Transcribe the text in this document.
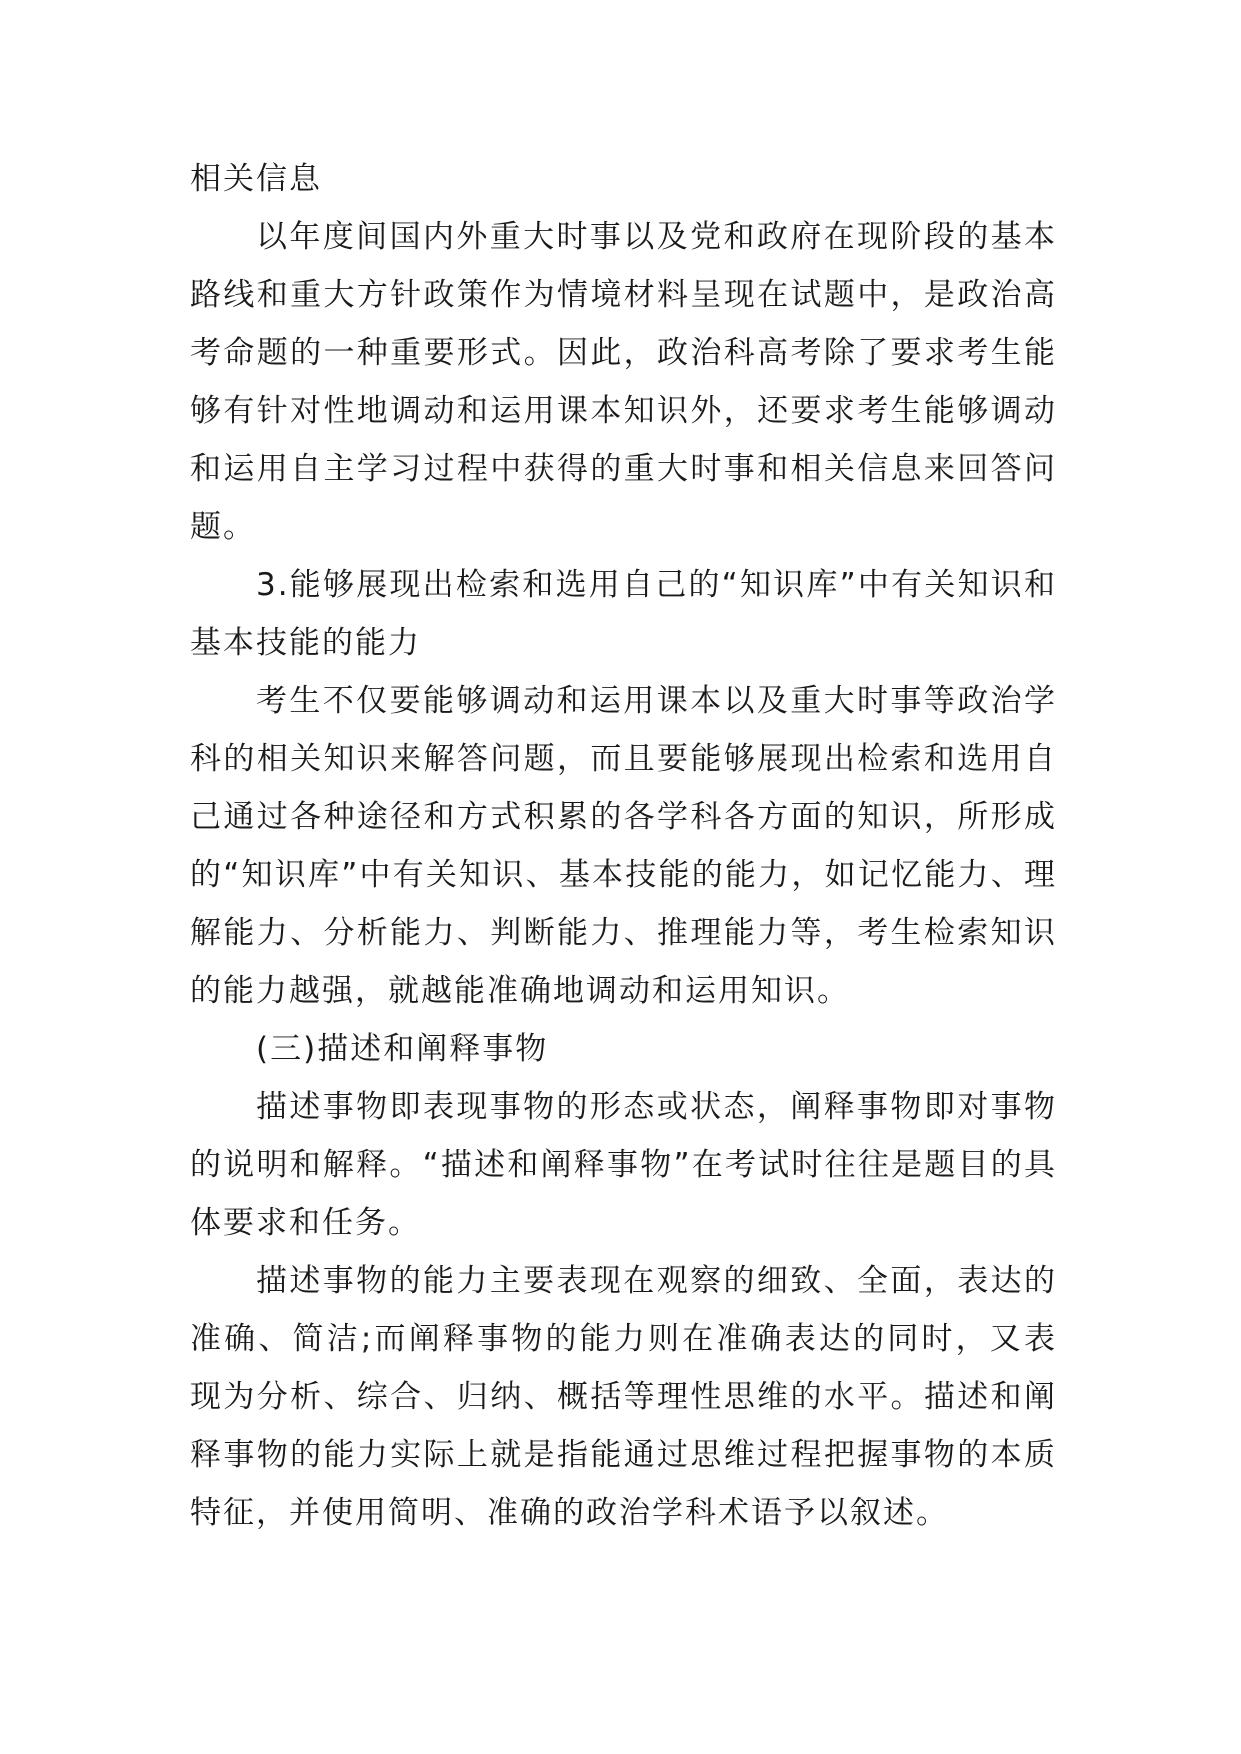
相关信息

以年度间国内外重大时事以及党和政府在现阶段的基本路线和重大方针政策作为情境材料呈现在试题中，是政治高考命题的一种重要形式。因此，政治科高考除了要求考生能够有针对性地调动和运用课本知识外，还要求考生能够调动和运用自主学习过程中获得的重大时事和相关信息来回答问题。

3.能够展现出检索和选用自己的“知识库”中有关知识和基本技能的能力

考生不仅要能够调动和运用课本以及重大时事等政治学科的相关知识来解答问题，而且要能够展现出检索和选用自己通过各种途径和方式积累的各学科各方面的知识，所形成的“知识库”中有关知识、基本技能的能力，如记忆能力、理解能力、分析能力、判断能力、推理能力等，考生检索知识的能力越强，就越能准确地调动和运用知识。

(三)描述和阐释事物

描述事物即表现事物的形态或状态，阐释事物即对事物的说明和解释。“描述和阐释事物”在考试时往往是题目的具体要求和任务。

描述事物的能力主要表现在观察的细致、全面，表达的准确、简洁;而阐释事物的能力则在准确表达的同时，又表现为分析、综合、归纳、概括等理性思维的水平。描述和阐释事物的能力实际上就是指能通过思维过程把握事物的本质特征，并使用简明、准确的政治学科术语予以叙述。
